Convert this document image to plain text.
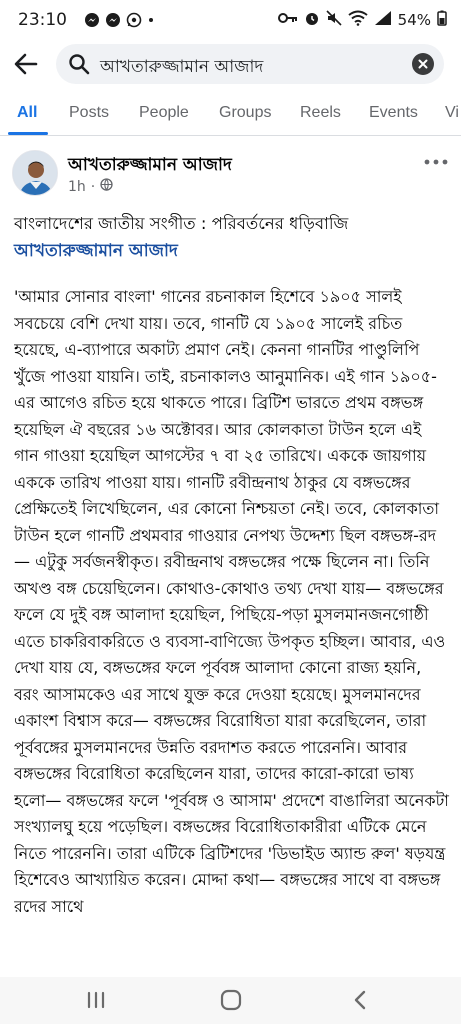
23:10	54%
আখতারুজ্জামান আজাদ
All Posts People Groups Reels Events Vi
আখতারুজ্জামান আজাদ
1h ·
বাংলাদেশের জাতীয় সংগীত : পরিবর্তনের ধড়িবাজি
আখতারুজ্জামান আজাদ
'আমার সোনার বাংলা' গানের রচনাকাল হিশেবে ১৯০৫ সালই সবচেয়ে বেশি দেখা যায়। তবে, গানটি যে ১৯০৫ সালেই রচিত হয়েছে, এ-ব্যাপারে অকাট্য প্রমাণ নেই। কেননা গানটির পাণ্ডুলিপি খুঁজে পাওয়া যায়নি। তাই, রচনাকালও আনুমানিক। এই গান ১৯০৫-এর আগেও রচিত হয়ে থাকতে পারে। ব্রিটিশ ভারতে প্রথম বঙ্গভঙ্গ হয়েছিল ঐ বছরের ১৬ অক্টোবর। আর কোলকাতা টাউন হলে এই গান গাওয়া হয়েছিল আগস্টের ৭ বা ২৫ তারিখে। এককে জায়গায় এককে তারিখ পাওয়া যায়। গানটি রবীন্দ্রনাথ ঠাকুর যে বঙ্গভঙ্গের প্রেক্ষিতেই লিখেছিলেন, এর কোনো নিশ্চয়তা নেই। তবে, কোলকাতা টাউন হলে গানটি প্রথমবার গাওয়ার নেপথ্য উদ্দেশ্য ছিল বঙ্গভঙ্গ-রদ— এটুকু সর্বজনস্বীকৃত। রবীন্দ্রনাথ বঙ্গভঙ্গের পক্ষে ছিলেন না। তিনি অখণ্ড বঙ্গ চেয়েছিলেন। কোথাও-কোথাও তথ্য দেখা যায়— বঙ্গভঙ্গের ফলে যে দুই বঙ্গ আলাদা হয়েছিল, পিছিয়ে-পড়া মুসলমানজনগোষ্ঠী এতে চাকরিবাকরিতে ও ব্যবসা-বাণিজ্যে উপকৃত হচ্ছিল। আবার, এও দেখা যায় যে, বঙ্গভঙ্গের ফলে পূর্ববঙ্গ আলাদা কোনো রাজ্য হয়নি, বরং আসামকেও এর সাথে যুক্ত করে দেওয়া হয়েছে। মুসলমানদের একাংশ বিশ্বাস করে— বঙ্গভঙ্গের বিরোধিতা যারা করেছিলেন, তারা পূর্ববঙ্গের মুসলমানদের উন্নতি বরদাশত করতে পারেননি। আবার বঙ্গভঙ্গের বিরোধিতা করেছিলেন যারা, তাদের কারো-কারো ভাষ্য হলো— বঙ্গভঙ্গের ফলে 'পূর্ববঙ্গ ও আসাম' প্রদেশে বাঙালিরা অনেকটা সংখ্যালঘু হয়ে পড়েছিল। বঙ্গভঙ্গের বিরোধিতাকারীরা এটিকে মেনে নিতে পারেননি। তারা এটিকে ব্রিটিশদের 'ডিভাইড অ্যান্ড রুল' ষড়যন্ত্র হিশেবেও আখ্যায়িত করেন। মোদ্দা কথা— বঙ্গভঙ্গের সাথে বা বঙ্গভঙ্গ রদের সাথে
